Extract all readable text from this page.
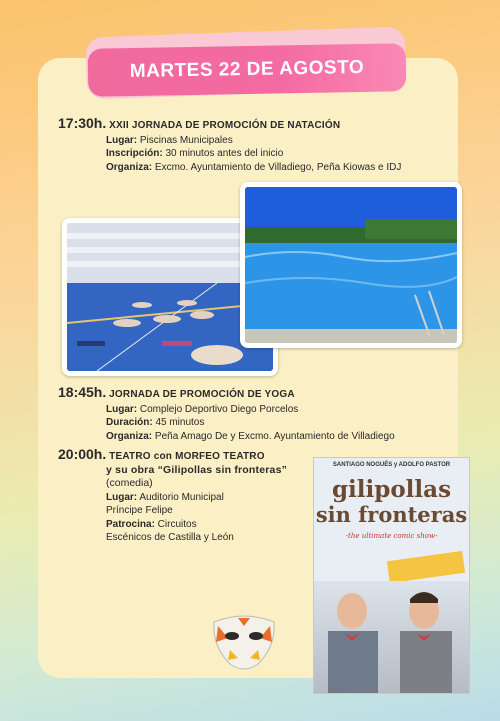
MARTES 22 DE AGOSTO
17:30h. XXII JORNADA DE PROMOCIÓN DE NATACIÓN
Lugar: Piscinas Municipales
Inscripción: 30 minutos antes del inicio
Organiza: Excmo. Ayuntamiento de Villadiego, Peña Kiowas e IDJ
18:45h. JORNADA DE PROMOCIÓN DE YOGA
Lugar: Complejo Deportivo Diego Porcelos
Duración: 45 minutos
Organiza: Peña Amago De y Excmo. Ayuntamiento de Villadiego
20:00h. TEATRO con MORFEO TEATRO
y su obra “Gilipollas sin fronteras”
(comedia)
Lugar: Auditorio Municipal
Príncipe Felipe
Patrocina: Circuitos
Escénicos de Castilla y León
SANTIAGO NOGUÉS y ADOLFO PASTOR
gilipollas
sin fronteras
-the ultimate comic show-
